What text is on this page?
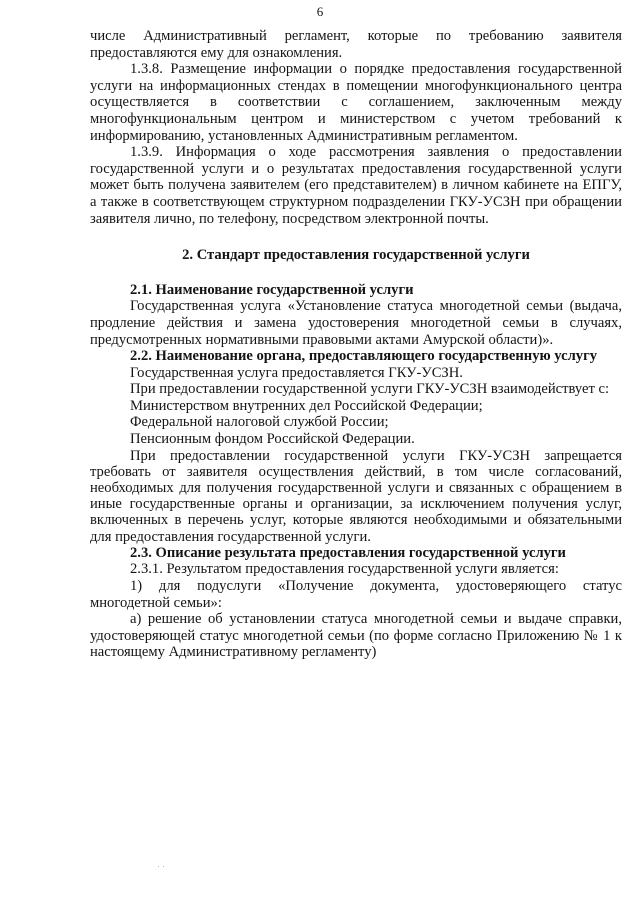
6

числе Административный регламент, которые по требованию заявителя предоставляются ему для ознакомления.

1.3.8. Размещение информации о порядке предоставления государственной услуги на информационных стендах в помещении многофункционального центра осуществляется в соответствии с соглашением, заключенным между многофункциональным центром и министерством с учетом требований к информированию, установленных Административным регламентом.

1.3.9. Информация о ходе рассмотрения заявления о предоставлении государственной услуги и о результатах предоставления государственной услуги может быть получена заявителем (его представителем) в личном кабинете на ЕПГУ, а также в соответствующем структурном подразделении ГКУ-УСЗН при обращении заявителя лично, по телефону, посредством электронной почты.

2. Стандарт предоставления государственной услуги

2.1. Наименование государственной услуги

Государственная услуга «Установление статуса многодетной семьи (выдача, продление действия и замена удостоверения многодетной семьи в случаях, предусмотренных нормативными правовыми актами Амурской области)».

2.2. Наименование органа, предоставляющего государственную услугу

Государственная услуга предоставляется ГКУ-УСЗН.

При предоставлении государственной услуги ГКУ-УСЗН взаимодействует с:

Министерством внутренних дел Российской Федерации;

Федеральной налоговой службой России;

Пенсионным фондом Российской Федерации.

При предоставлении государственной услуги ГКУ-УСЗН запрещается требовать от заявителя осуществления действий, в том числе согласований, необходимых для получения государственной услуги и связанных с обращением в иные государственные органы и организации, за исключением получения услуг, включенных в перечень услуг, которые являются необходимыми и обязательными для предоставления государственной услуги.

2.3. Описание результата предоставления государственной услуги

2.3.1. Результатом предоставления государственной услуги является:

1) для подуслуги «Получение документа, удостоверяющего статус многодетной семьи»:

а) решение об установлении статуса многодетной семьи и выдаче справки, удостоверяющей статус многодетной семьи (по форме согласно Приложению № 1 к настоящему Административному регламенту)
